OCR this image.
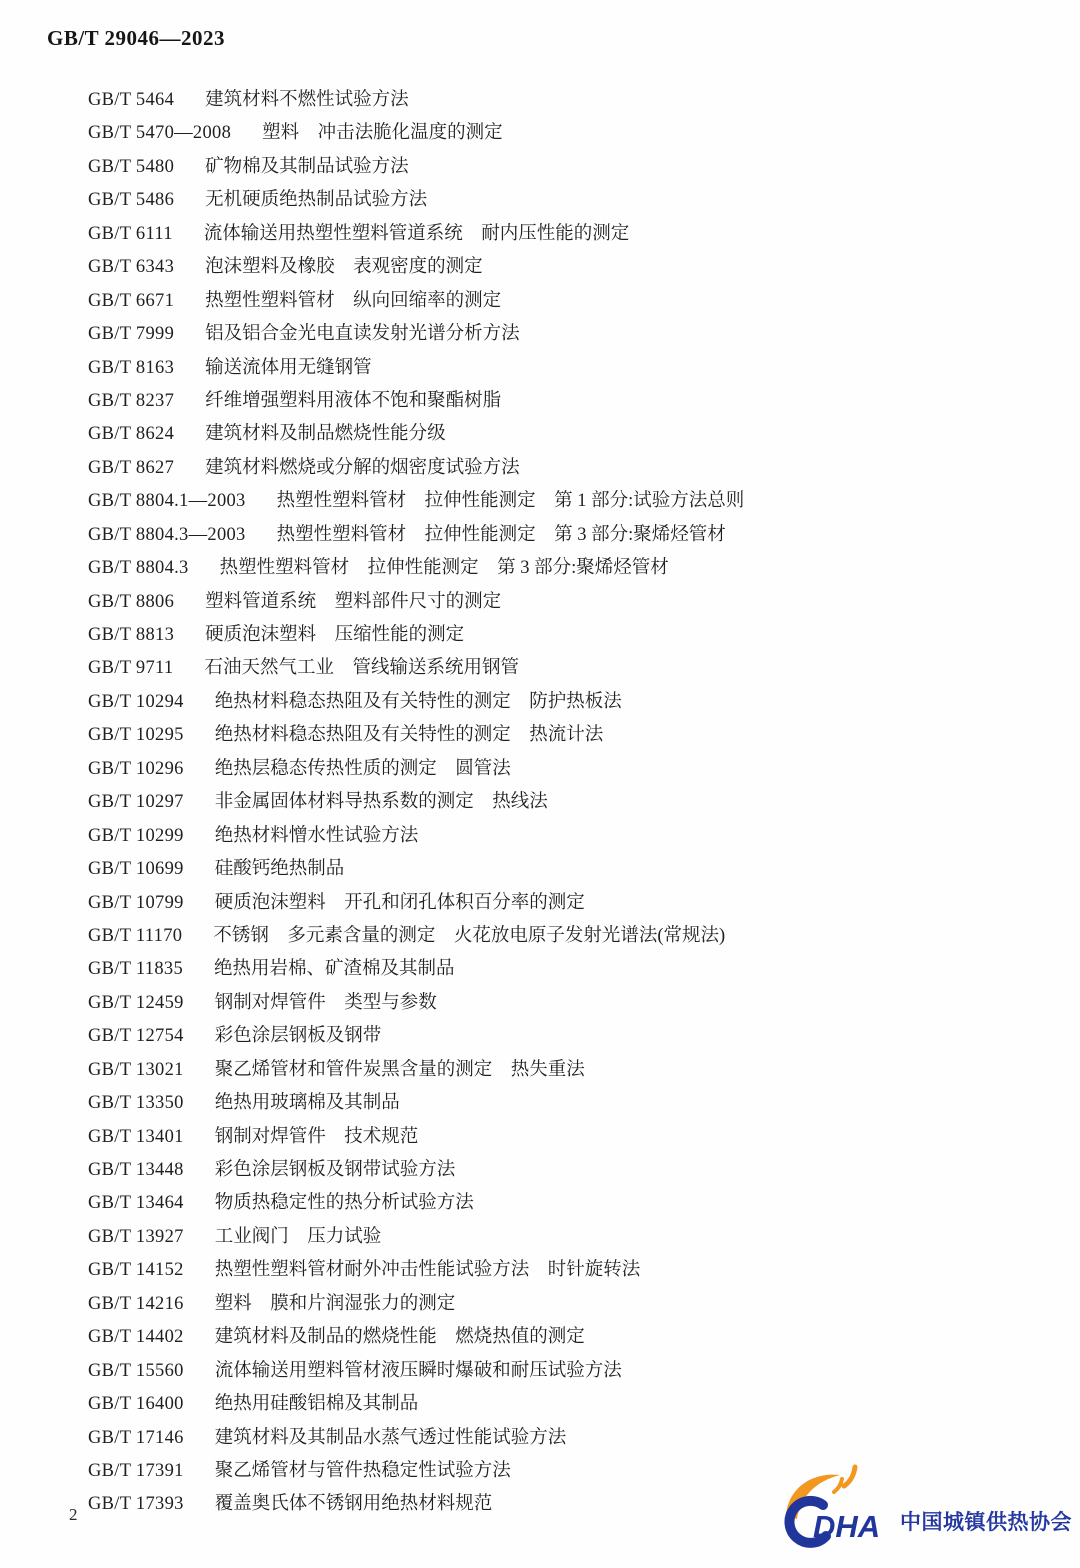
GB/T 29046—2023
GB/T 5464 建筑材料不燃性试验方法
GB/T 5470—2008 塑料　冲击法脆化温度的测定
GB/T 5480 矿物棉及其制品试验方法
GB/T 5486 无机硬质绝热制品试验方法
GB/T 6111 流体输送用热塑性塑料管道系统　耐内压性能的测定
GB/T 6343 泡沫塑料及橡胶　表观密度的测定
GB/T 6671 热塑性塑料管材　纵向回缩率的测定
GB/T 7999 铝及铝合金光电直读发射光谱分析方法
GB/T 8163 输送流体用无缝钢管
GB/T 8237 纤维增强塑料用液体不饱和聚酯树脂
GB/T 8624 建筑材料及制品燃烧性能分级
GB/T 8627 建筑材料燃烧或分解的烟密度试验方法
GB/T 8804.1—2003 热塑性塑料管材　拉伸性能测定　第 1 部分:试验方法总则
GB/T 8804.3—2003 热塑性塑料管材　拉伸性能测定　第 3 部分:聚烯烃管材
GB/T 8804.3 热塑性塑料管材　拉伸性能测定　第 3 部分:聚烯烃管材
GB/T 8806 塑料管道系统　塑料部件尺寸的测定
GB/T 8813 硬质泡沫塑料　压缩性能的测定
GB/T 9711 石油天然气工业　管线输送系统用钢管
GB/T 10294 绝热材料稳态热阻及有关特性的测定　防护热板法
GB/T 10295 绝热材料稳态热阻及有关特性的测定　热流计法
GB/T 10296 绝热层稳态传热性质的测定　圆管法
GB/T 10297 非金属固体材料导热系数的测定　热线法
GB/T 10299 绝热材料憎水性试验方法
GB/T 10699 硅酸钙绝热制品
GB/T 10799 硬质泡沫塑料　开孔和闭孔体积百分率的测定
GB/T 11170 不锈钢　多元素含量的测定　火花放电原子发射光谱法(常规法)
GB/T 11835 绝热用岩棉、矿渣棉及其制品
GB/T 12459 钢制对焊管件　类型与参数
GB/T 12754 彩色涂层钢板及钢带
GB/T 13021 聚乙烯管材和管件炭黑含量的测定　热失重法
GB/T 13350 绝热用玻璃棉及其制品
GB/T 13401 钢制对焊管件　技术规范
GB/T 13448 彩色涂层钢板及钢带试验方法
GB/T 13464 物质热稳定性的热分析试验方法
GB/T 13927 工业阀门　压力试验
GB/T 14152 热塑性塑料管材耐外冲击性能试验方法　时针旋转法
GB/T 14216 塑料　膜和片润湿张力的测定
GB/T 14402 建筑材料及制品的燃烧性能　燃烧热值的测定
GB/T 15560 流体输送用塑料管材液压瞬时爆破和耐压试验方法
GB/T 16400 绝热用硅酸铝棉及其制品
GB/T 17146 建筑材料及其制品水蒸气透过性能试验方法
GB/T 17391 聚乙烯管材与管件热稳定性试验方法
GB/T 17393 覆盖奥氏体不锈钢用绝热材料规范
2	DHA 中国城镇供热协会
